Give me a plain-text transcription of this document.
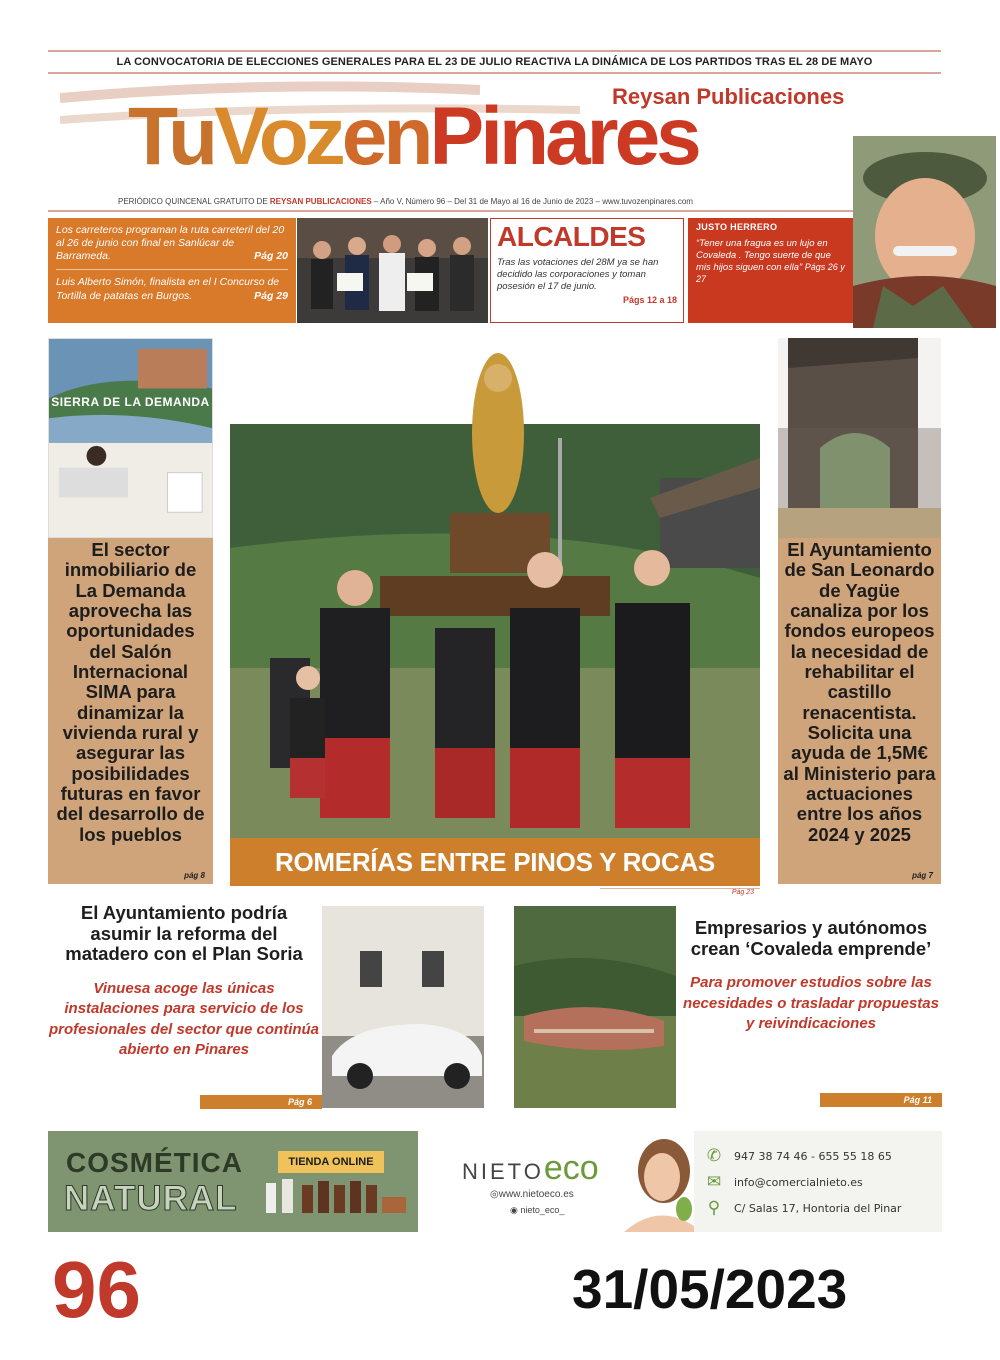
LA CONVOCATORIA DE ELECCIONES GENERALES PARA EL 23 DE JULIO REACTIVA LA DINÁMICA DE LOS PARTIDOS TRAS EL 28 DE MAYO
Reysan Publicaciones
TuVozenPinares
PERIÓDICO QUINCENAL GRATUITO DE REYSAN PUBLICACIONES – Año V, Número 96 – Del 31 de Mayo al 16 de Junio de 2023 – www.tuvozenpinares.com
Los carreteros programan la ruta carreteril del 20 al 26 de junio con final en Sanlúcar de Barrameda.	Pág 20
Luis Alberto Simón, finalista en el I Concurso de Tortilla de patatas en Burgos.	Pág 29
ALCALDES
Tras las votaciones del 28M ya se han decidido las corporaciones y toman posesión el 17 de junio.
Págs 12 a 18
JUSTO HERRERO
“Tener una fragua es un lujo en Covaleda . Tengo suerte de que mis hijos siguen con ella” Págs 26 y 27
SIERRA DE LA DEMANDA
El sector inmobiliario de La Demanda aprovecha las oportunidades del Salón Internacional SIMA para dinamizar la vivienda rural y asegurar las posibilidades futuras en favor del desarrollo de los pueblos
pág 8	ROMERÍAS ENTRE PINOS Y ROCAS
Pág 23
El Ayuntamiento de San Leonardo de Yagüe canaliza por los fondos europeos la necesidad de rehabilitar el castillo renacentista. Solicita una ayuda de 1,5M€ al Ministerio para actuaciones entre los años 2024 y 2025
pág 7
El Ayuntamiento podría asumir la reforma del matadero con el Plan Soria
Vinuesa acoge las únicas instalaciones para servicio de los profesionales del sector que continúa abierto en Pinares
Pág 6
Empresarios y autónomos crean ‘Covaleda emprende’
Para promover estudios sobre las necesidades o trasladar propuestas y reivindicaciones
Pág 11
COSMÉTICA
NATURAL
TIENDA ONLINE	NIETOeco
◎www.nietoeco.es
◉ nieto_eco_
✆	947 38 74 46 - 655 55 18 65
✉	info@comercialnieto.es
⚲	C/ Salas 17, Hontoria del Pinar
96	31/05/2023
